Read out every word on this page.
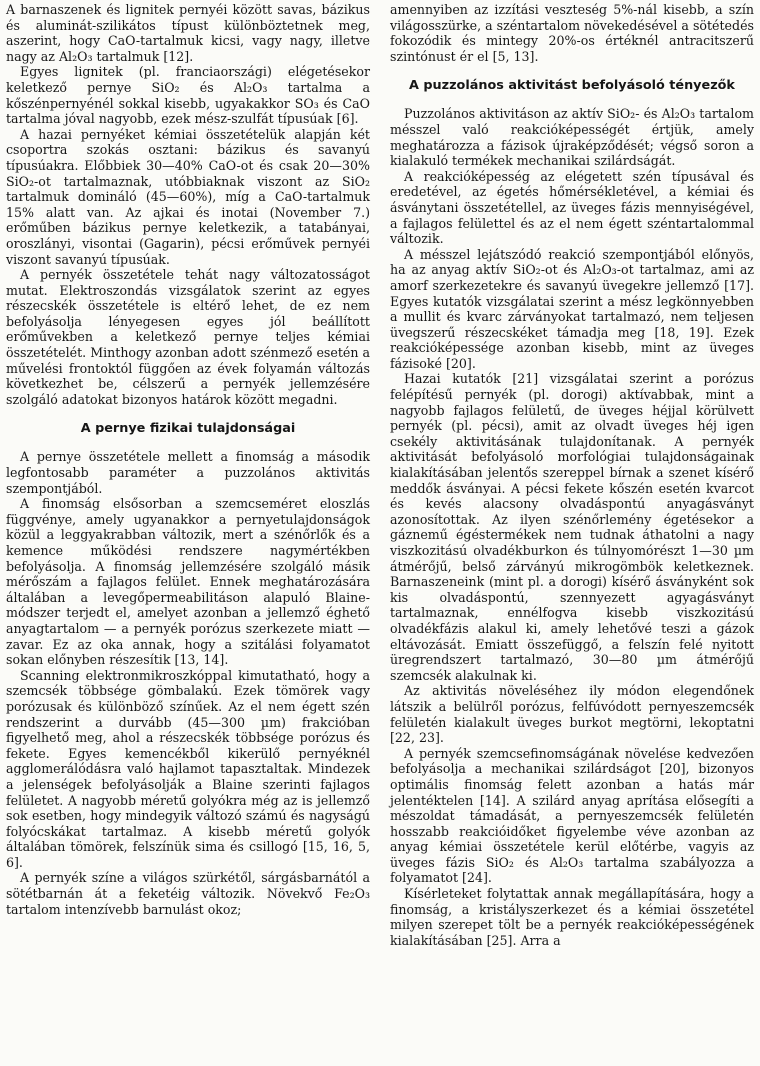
A barnaszenek és lignitek pernyéi között savas, bázikus és aluminát-szilikátos típust különböztetnek meg, aszerint, hogy CaO-tartalmuk kicsi, vagy nagy, illetve nagy az Al₂O₃ tartalmuk [12].

Egyes lignitek (pl. franciaországi) elégetésekor keletkező pernye SiO₂ és Al₂O₃ tartalma a kőszénpernyénél sokkal kisebb, ugyakakkor SO₃ és CaO tartalma jóval nagyobb, ezek mész-szulfát típusúak [6].

A hazai pernyéket kémiai összetételük alapján két csoportra szokás osztani: bázikus és savanyú típusúakra. Előbbiek 30—40% CaO-ot és csak 20—30% SiO₂-ot tartalmaznak, utóbbiaknak viszont az SiO₂ tartalmuk domináló (45—60%), míg a CaO-tartalmuk 15% alatt van. Az ajkai és inotai (November 7.) erőműben bázikus pernye keletkezik, a tatabányai, oroszlányi, visontai (Gagarin), pécsi erőművek pernyéi viszont savanyú típusúak.

A pernyék összetétele tehát nagy változatosságot mutat. Elektroszondás vizsgálatok szerint az egyes részecskék összetétele is eltérő lehet, de ez nem befolyásolja lényegesen egyes jól beállított erőművekben a keletkező pernye teljes kémiai összetételét. Minthogy azonban adott szénmező esetén a művelési frontoktól függően az évek folyamán változás következhet be, célszerű a pernyék jellemzésére szolgáló adatokat bizonyos határok között megadni.

A pernye fizikai tulajdonságai

A pernye összetétele mellett a finomság a második legfontosabb paraméter a puzzolános aktivitás szempontjából.

A finomság elsősorban a szemcseméret eloszlás függvénye, amely ugyanakkor a pernyetulajdonságok közül a leggyakrabban változik, mert a szénőrlők és a kemence működési rendszere nagymértékben befolyásolja. A finomság jellemzésére szolgáló másik mérőszám a fajlagos felület. Ennek meghatározására általában a levegőpermeabilitáson alapuló Blaine-módszer terjedt el, amelyet azonban a jellemző éghető anyagtartalom — a pernyék porózus szerkezete miatt — zavar. Ez az oka annak, hogy a szitálási folyamatot sokan előnyben részesítik [13, 14].

Scanning elektronmikroszkóppal kimutatható, hogy a szemcsék többsége gömbalakú. Ezek tömörek vagy porózusak és különböző színűek. Az el nem égett szén rendszerint a durvább (45—300 µm) frakcióban figyelhető meg, ahol a részecskék többsége porózus és fekete. Egyes kemencékből kikerülő pernyéknél agglomerálódásra való hajlamot tapasztaltak. Mindezek a jelenségek befolyásolják a Blaine szerinti fajlagos felületet. A nagyobb méretű golyókra még az is jellemző sok esetben, hogy mindegyik változó számú és nagyságú folyócskákat tartalmaz. A kisebb méretű golyók általában tömörek, felszínük sima és csillogó [15, 16, 5, 6].

A pernyék színe a világos szürkétől, sárgásbarnától a sötétbarnán át a feketéig változik. Növekvő Fe₂O₃ tartalom intenzívebb barnulást okoz;

amennyiben az izzítási veszteség 5%-nál kisebb, a szín világosszürke, a széntartalom növekedésével a sötétedés fokozódik és mintegy 20%-os értéknél antracitszerű szintónust ér el [5, 13].

A puzzolános aktivitást befolyásoló tényezők

Puzzolános aktivitáson az aktív SiO₂- és Al₂O₃ tartalom mésszel való reakcióképességét értjük, amely meghatározza a fázisok újraképződését; végső soron a kialakuló termékek mechanikai szilárdságát.

A reakcióképesség az elégetett szén típusával és eredetével, az égetés hőmérsékletével, a kémiai és ásványtani összetétellel, az üveges fázis mennyiségével, a fajlagos felülettel és az el nem égett széntartalommal változik.

A mésszel lejátszódó reakció szempontjából előnyös, ha az anyag aktív SiO₂-ot és Al₂O₃-ot tartalmaz, ami az amorf szerkezetekre és savanyú üvegekre jellemző [17]. Egyes kutatók vizsgálatai szerint a mész legkönnyebben a mullit és kvarc zárványokat tartalmazó, nem teljesen üvegszerű részecskéket támadja meg [18, 19]. Ezek reakcióképessége azonban kisebb, mint az üveges fázisoké [20].

Hazai kutatók [21] vizsgálatai szerint a porózus felépítésű pernyék (pl. dorogi) aktívabbak, mint a nagyobb fajlagos felületű, de üveges héjjal körülvett pernyék (pl. pécsi), amit az olvadt üveges héj igen csekély aktivitásának tulajdonítanak. A pernyék aktivitását befolyásoló morfológiai tulajdonságainak kialakításában jelentős szereppel bírnak a szenet kísérő meddők ásványai. A pécsi fekete kőszén esetén kvarcot és kevés alacsony olvadáspontú anyagásványt azonosítottak. Az ilyen szénőrlemény égetésekor a gáznemű égéstermékek nem tudnak áthatolni a nagy viszkozitású olvadékburkon és túlnyomórészt 1—30 µm átmérőjű, belső zárványú mikrogömbök keletkeznek. Barnaszeneink (mint pl. a dorogi) kísérő ásványként sok kis olvadáspontú, szennyezett agyagásványt tartalmaznak, ennélfogva kisebb viszkozitású olvadékfázis alakul ki, amely lehetővé teszi a gázok eltávozását. Emiatt összefüggő, a felszín felé nyitott üregrendszert tartalmazó, 30—80 µm átmérőjű szemcsék alakulnak ki.

Az aktivitás növeléséhez ily módon elegendőnek látszik a belülről porózus, felfúvódott pernyeszemcsék felületén kialakult üveges burkot megtörni, lekoptatni [22, 23].

A pernyék szemcsefinomságának növelése kedvezően befolyásolja a mechanikai szilárdságot [20], bizonyos optimális finomság felett azonban a hatás már jelentéktelen [14]. A szilárd anyag aprítása elősegíti a mészoldat támadását, a pernyeszemcsék felületén hosszabb reakcióidőket figyelembe véve azonban az anyag kémiai összetétele kerül előtérbe, vagyis az üveges fázis SiO₂ és Al₂O₃ tartalma szabályozza a folyamatot [24].

Kísérleteket folytattak annak megállapítására, hogy a finomság, a kristályszerkezet és a kémiai összetétel milyen szerepet tölt be a pernyék reakcióképességének kialakításában [25]. Arra a
